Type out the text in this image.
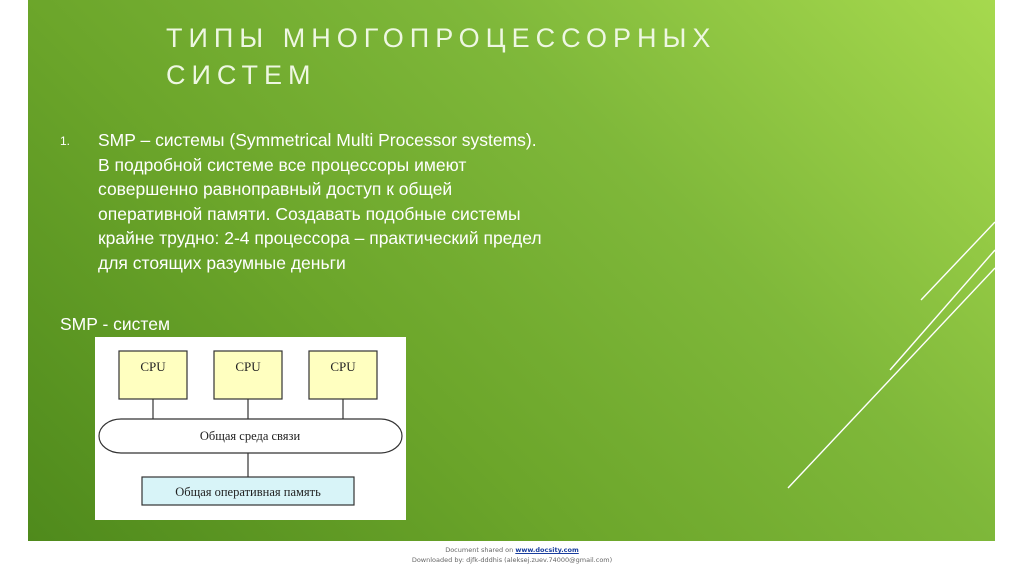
ТИПЫ МНОГОПРОЦЕССОРНЫХ СИСТЕМ
1.	SMP – системы (Symmetrical Multi Processor systems). В подробной системе все процессоры имеют совершенно равноправный доступ к общей оперативной памяти. Создавать подобные системы крайне трудно: 2-4 процессора – практический предел для стоящих разумные деньги
SMP - систем
CPU	CPU	CPU
Общая среда связи
Общая оперативная память
Document shared on www.docsity.com
Downloaded by: djfk-dddhis (aleksej.zuev.74000@gmail.com)
